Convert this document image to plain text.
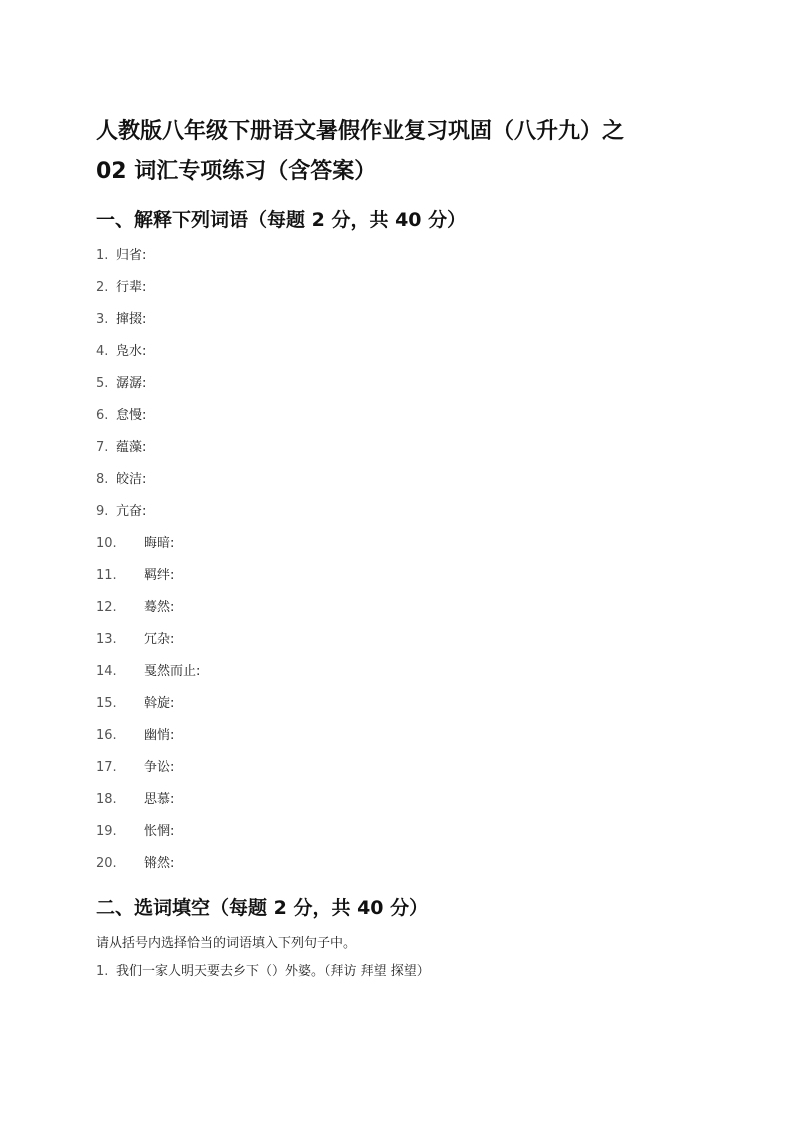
人教版八年级下册语文暑假作业复习巩固（八升九）之
02 词汇专项练习（含答案）
一、解释下列词语（每题 2 分，共 40 分）
1. 归省:
2. 行辈:
3. 撺掇:
4. 凫水:
5. 潺潺:
6. 怠慢:
7. 蕴藻:
8. 皎洁:
9. 亢奋:
10.	晦暗:
11.	羁绊:
12.	蓦然:
13.	冗杂:
14.	戛然而止:
15.	斡旋:
16.	幽悄:
17.	争讼:
18.	思慕:
19.	怅惘:
20.	锵然:
二、选词填空（每题 2 分，共 40 分）
请从括号内选择恰当的词语填入下列句子中。
1. 我们一家人明天要去乡下（）外婆。（拜访 拜望 探望）
